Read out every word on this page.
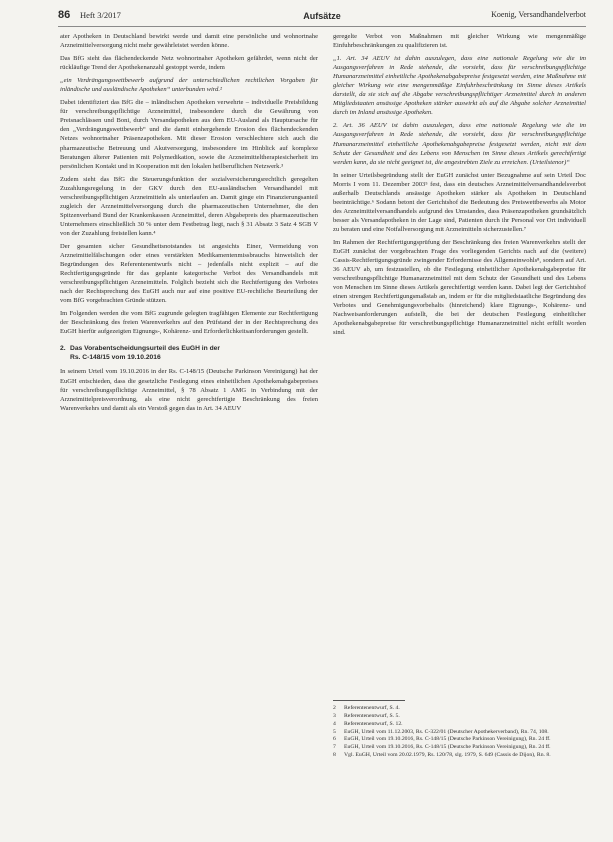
86 Heft 3/2017	Aufsätze	Koenig, Versandhandelverbot

ater Apotheken in Deutschland bewirkt werde und damit eine persönliche und wohnortnahe Arzneimittelversorgung nicht mehr gewährleistet werden könne.

Das BfG sieht das flächendeckende Netz wohnortnaher Apotheken gefährdet, wenn nicht der rückläufige Trend der Apothekenanzahl gestoppt werde, indem

„ein Verdrängungswettbewerb aufgrund der unterschiedlichen rechtlichen Vorgaben für inländische und ausländische Apotheken“ unterbunden wird.²

Dabei identifiziert das BfG die – inländischen Apotheken verwehrte – individuelle Preisbildung für verschreibungspflichtige Arzneimittel, insbesondere durch die Gewährung von Preisnachlässen und Boni, durch Versandapotheken aus dem EU-Ausland als Hauptursache für den „Verdrängungswettbewerb“ und die damit einhergehende Erosion des flächendeckenden Netzes wohnortnaher Präsenzapotheken. Mit dieser Erosion verschlechtere sich auch die pharmazeutische Betreuung und Akutversorgung, insbesondere im Hinblick auf komplexe Beratungen älterer Patienten mit Polymedikation, sowie die Arzneimitteltherapiesicherheit im persönlichen Kontakt und in Kooperation mit den lokalen heilberuflichen Netzwerk.³

Zudem sieht das BfG die Steuerungsfunktion der sozialversicherungsrechtlich geregelten Zuzahlungsregelung in der GKV durch den EU-ausländischen Versandhandel mit verschreibungspflichtigen Arzneimitteln als unterlaufen an. Damit ginge ein Finanzierungsanteil zugleich der Arzneimittelversorgung durch die pharmazeutischen Unternehmer, die den Spitzenverband Bund der Krankenkassen Arzneimittel, deren Abgabepreis des pharmazeutischen Unternehmers einschließlich 30 % unter dem Festbetrag liegt, nach § 31 Absatz 3 Satz 4 SGB V von der Zuzahlung freistellen kann.⁴

Der gesamten sicher Gesundheitsnotstandes ist angesichts Einer, Vermeidung von Arzneimittelfälschungen oder eines verstärkten Medikamentenmissbrauchs hinweislich der Begründungen des Referentenentwurfs nicht – jedenfalls nicht explizit – auf die Rechtfertigungsgründe für das geplante kategorische Verbot des Versandhandels mit verschreibungspflichtigen Arzneimitteln. Folglich bezieht sich die Rechtfertigung des Verbotes nach der Rechtsprechung des EuGH auch nur auf eine positive EU-rechtliche Beurteilung der vom BfG vorgebrachten Gründe stützen.

Im Folgenden werden die vom BfG zugrunde gelegten tragfähigen Elemente zur Rechtfertigung der Beschränkung des freien Warenverkehrs auf den Prüfstand der in der Rechtsprechung des EuGH hierfür aufgezeigten Eignungs-, Kohärenz- und Erforderlichkeitsanforderungen gestellt.

2. Das Vorabentscheidungsurteil des EuGH in der
Rs. C-148/15 vom 19.10.2016

In seinem Urteil vom 19.10.2016 in der Rs. C-148/15 (Deutsche Parkinson Vereinigung) hat der EuGH entschieden, dass die gesetzliche Festlegung eines einheitlichen Apothekenabgabepreises für verschreibungspflichtige Arzneimittel, § 78 Absatz 1 AMG in Verbindung mit der Arzneimittelpreisverordnung, als eine nicht gerechtfertigte Beschränkung des freien Warenverkehrs und damit als ein Verstoß gegen das in Art. 34 AEUV

geregelte Verbot von Maßnahmen mit gleicher Wirkung wie mengenmäßige Einfuhrbeschränkungen zu qualifizieren ist.

„1. Art. 34 AEUV ist dahin auszulegen, dass eine nationale Regelung wie die im Ausgangsverfahren in Rede stehende, die vorsieht, dass für verschreibungspflichtige Humanarzneimittel einheitliche Apothekenabgabepreise festgesetzt werden, eine Maßnahme mit gleicher Wirkung wie eine mengenmäßige Einfuhrbeschränkung im Sinne dieses Artikels darstellt, da sie sich auf die Abgabe verschreibungspflichtiger Arzneimittel durch in anderen Mitgliedstaaten ansässige Apotheken stärker auswirkt als auf die Abgabe solcher Arzneimittel durch im Inland ansässige Apotheken.

2. Art. 36 AEUV ist dahin auszulegen, dass eine nationale Regelung wie die im Ausgangsverfahren in Rede stehende, die vorsieht, dass für verschreibungspflichtige Humanarzneimittel einheitliche Apothekenabgabepreise festgesetzt werden, nicht mit dem Schutz der Gesundheit und des Lebens von Menschen im Sinne dieses Artikels gerechtfertigt werden kann, da sie nicht geeignet ist, die angestrebten Ziele zu erreichen. (Urteilstenor)“

In seiner Urteilsbegründung stellt der EuGH zunächst unter Bezugnahme auf sein Urteil Doc Morris I vom 11. Dezember 2003⁵ fest, dass ein deutsches Arzneimittelversandhandelsverbot außerhalb Deutschlands ansässige Apotheken stärker als Apotheken in Deutschland beeinträchtige.⁶ Sodann betont der Gerichtshof die Bedeutung des Preiswettbewerbs als Motor des Arzneimittelversandhandels aufgrund des Umstandes, dass Präsenzapotheken grundsätzlich besser als Versandapotheken in der Lage sind, Patienten durch ihr Personal vor Ort individuell zu beraten und eine Notfallversorgung mit Arzneimitteln sicherzustellen.⁷

Im Rahmen der Rechtfertigungsprüfung der Beschränkung des freien Warenverkehrs stellt der EuGH zunächst der vorgebrachten Frage des vorliegenden Gerichts nach auf die (weitere) Cassis-Rechtfertigungsgründe zwingender Erfordernisse des Allgemeinwohls⁸, sondern auf Art. 36 AEUV ab, um festzustellen, ob die Festlegung einheitlicher Apothekenabgabepreise für verschreibungspflichtige Humanarzneimittel mit dem Schutz der Gesundheit und des Lebens von Menschen im Sinne dieses Artikels gerechtfertigt werden kann. Dabei legt der Gerichtshof einen strengen Rechtfertigungsmaßstab an, indem er für die mitgliedstaatliche Begründung des Verbotes und Genehmigungsvorbehalts (hinreichend) klare Eignungs-, Kohärenz- und Nachweisanforderungen aufstellt, die bei der deutschen Festlegung einheitlicher Apothekenabgabepreise für verschreibungspflichtige Humanarzneimittel nicht erfüllt worden sind.

2	Referentenentwurf, S. 4.
3	Referentenentwurf, S. 5.
4	Referentenentwurf, S. 12.
5	EuGH, Urteil vom 11.12.2003, Rs. C-322/01 (Deutscher Apothekerverband), Rn. 74, 108.
6	EuGH, Urteil vom 19.10.2016, Rs. C-148/15 (Deutsche Parkinson Vereinigung), Rn. 24 ff.
7	EuGH, Urteil vom 19.10.2016, Rs. C-148/15 (Deutsche Parkinson Vereinigung), Rn. 24 ff.
8	Vgl. EuGH, Urteil vom 20.02.1979, Rs. 120/78, slg. 1979, S. 649 (Cassis de Dijon), Rn. 8.
